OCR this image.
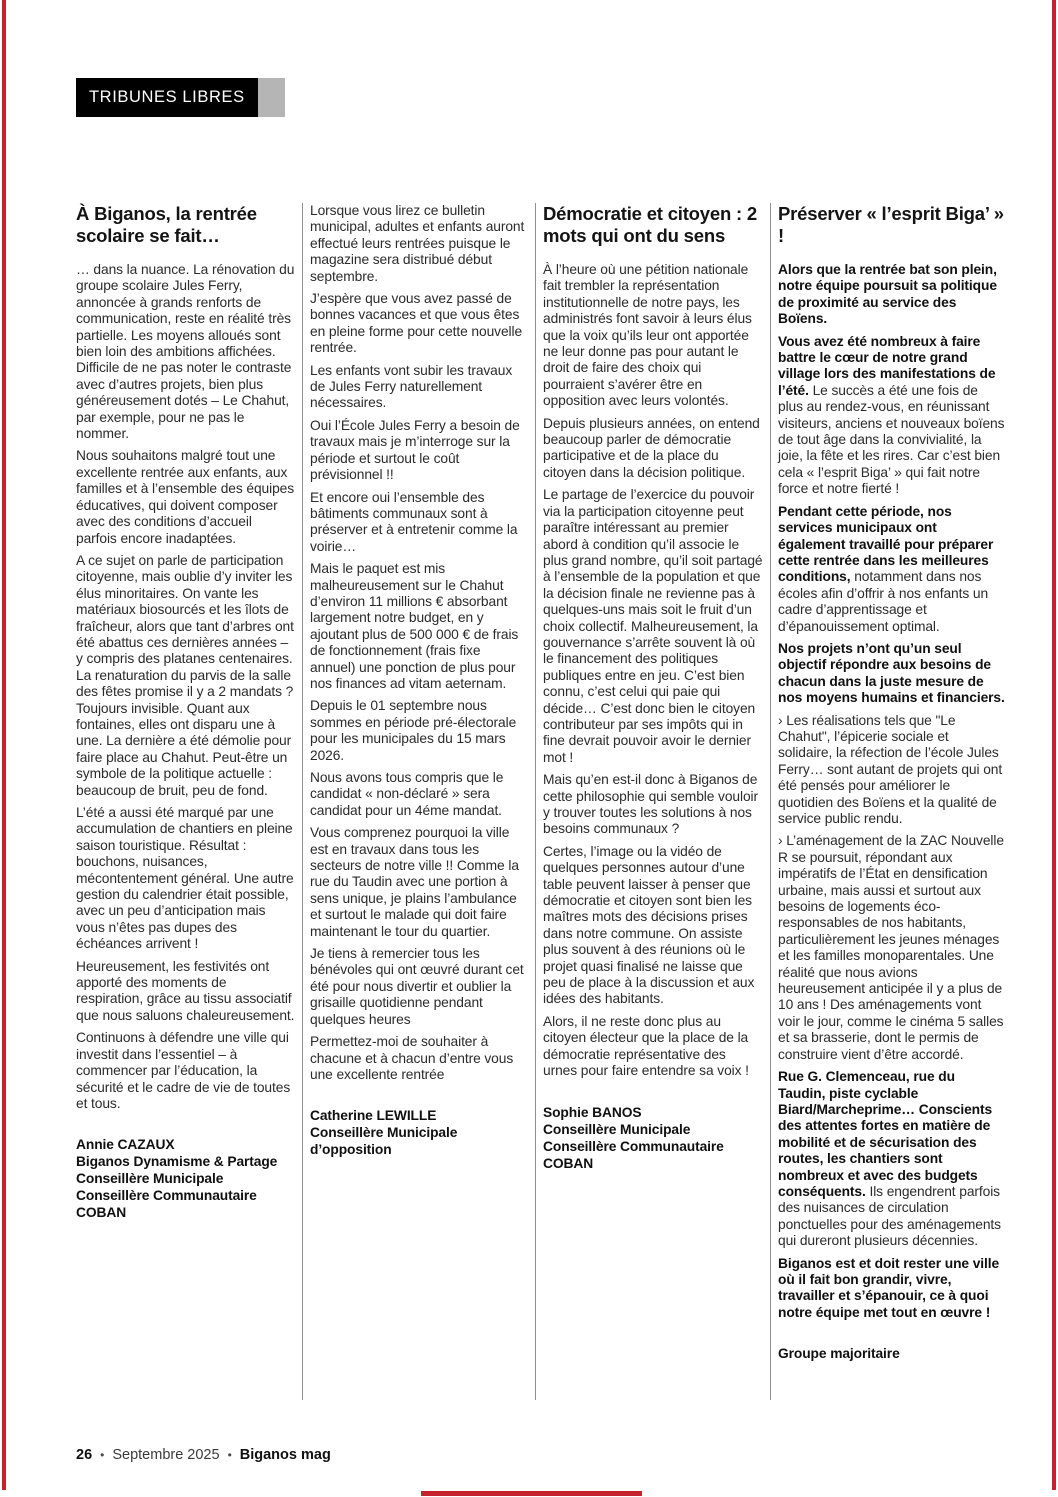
TRIBUNES LIBRES
À Biganos, la rentrée scolaire se fait…

… dans la nuance. La rénovation du groupe scolaire Jules Ferry, annoncée à grands renforts de communication, reste en réalité très partielle. Les moyens alloués sont bien loin des ambitions affichées. Difficile de ne pas noter le contraste avec d’autres projets, bien plus généreusement dotés – Le Chahut, par exemple, pour ne pas le nommer.

Nous souhaitons malgré tout une excellente rentrée aux enfants, aux familles et à l’ensemble des équipes éducatives, qui doivent composer avec des conditions d’accueil parfois encore inadaptées.

A ce sujet on parle de participation citoyenne, mais oublie d’y inviter les élus minoritaires. On vante les matériaux biosourcés et les îlots de fraîcheur, alors que tant d’arbres ont été abattus ces dernières années – y compris des platanes centenaires. La renaturation du parvis de la salle des fêtes promise il y a 2 mandats ? Toujours invisible. Quant aux fontaines, elles ont disparu une à une. La dernière a été démolie pour faire place au Chahut. Peut-être un symbole de la politique actuelle : beaucoup de bruit, peu de fond.

L’été a aussi été marqué par une accumulation de chantiers en pleine saison touristique. Résultat : bouchons, nuisances, mécontentement général. Une autre gestion du calendrier était possible, avec un peu d’anticipation mais vous n’êtes pas dupes des échéances arrivent !

Heureusement, les festivités ont apporté des moments de respiration, grâce au tissu associatif que nous saluons chaleureusement.

Continuons à défendre une ville qui investit dans l’essentiel – à commencer par l’éducation, la sécurité et le cadre de vie de toutes et tous.

Annie CAZAUX
Biganos Dynamisme & Partage
Conseillère Municipale
Conseillère Communautaire
COBAN

Lorsque vous lirez ce bulletin municipal, adultes et enfants auront effectué leurs rentrées puisque le magazine sera distribué début septembre.

J’espère que vous avez passé de bonnes vacances et que vous êtes en pleine forme pour cette nouvelle rentrée.

Les enfants vont subir les travaux de Jules Ferry naturellement nécessaires.

Oui l’École Jules Ferry a besoin de travaux mais je m’interroge sur la période et surtout le coût prévisionnel !!

Et encore oui l’ensemble des bâtiments communaux sont à préserver et à entretenir comme la voirie…

Mais le paquet est mis malheureusement sur le Chahut d’environ 11 millions € absorbant largement notre budget, en y ajoutant plus de 500 000 € de frais de fonctionnement (frais fixe annuel) une ponction de plus pour nos finances ad vitam aeternam.

Depuis le 01 septembre nous sommes en période pré-électorale pour les municipales du 15 mars 2026.

Nous avons tous compris que le candidat « non-déclaré » sera candidat pour un 4éme mandat.

Vous comprenez pourquoi la ville est en travaux dans tous les secteurs de notre ville !! Comme la rue du Taudin avec une portion à sens unique, je plains l’ambulance et surtout le malade qui doit faire maintenant le tour du quartier.

Je tiens à remercier tous les bénévoles qui ont œuvré durant cet été pour nous divertir et oublier la grisaille quotidienne pendant quelques heures

Permettez-moi de souhaiter à chacune et à chacun d’entre vous une excellente rentrée

Catherine LEWILLE
Conseillère Municipale
d’opposition
Démocratie et citoyen : 2 mots qui ont du sens

À l’heure où une pétition nationale fait trembler la représentation institutionnelle de notre pays, les administrés font savoir à leurs élus que la voix qu’ils leur ont apportée ne leur donne pas pour autant le droit de faire des choix qui pourraient s’avérer être en opposition avec leurs volontés.

Depuis plusieurs années, on entend beaucoup parler de démocratie participative et de la place du citoyen dans la décision politique.

Le partage de l’exercice du pouvoir via la participation citoyenne peut paraître intéressant au premier abord à condition qu’il associe le plus grand nombre, qu’il soit partagé à l’ensemble de la population et que la décision finale ne revienne pas à quelques-uns mais soit le fruit d’un choix collectif. Malheureusement, la gouvernance s’arrête souvent là où le financement des politiques publiques entre en jeu. C’est bien connu, c’est celui qui paie qui décide… C’est donc bien le citoyen contributeur par ses impôts qui in fine devrait pouvoir avoir le dernier mot !

Mais qu’en est-il donc à Biganos de cette philosophie qui semble vouloir y trouver toutes les solutions à nos besoins communaux ?

Certes, l’image ou la vidéo de quelques personnes autour d’une table peuvent laisser à penser que démocratie et citoyen sont bien les maîtres mots des décisions prises dans notre commune. On assiste plus souvent à des réunions où le projet quasi finalisé ne laisse que peu de place à la discussion et aux idées des habitants.

Alors, il ne reste donc plus au citoyen électeur que la place de la démocratie représentative des urnes pour faire entendre sa voix !

Sophie BANOS
Conseillère Municipale
Conseillère Communautaire
COBAN
Préserver « l’esprit Biga’ » !

Alors que la rentrée bat son plein, notre équipe poursuit sa politique de proximité au service des Boïens.

Vous avez été nombreux à faire battre le cœur de notre grand village lors des manifestations de l’été. Le succès a été une fois de plus au rendez-vous, en réunissant visiteurs, anciens et nouveaux boïens de tout âge dans la convivialité, la joie, la fête et les rires. Car c’est bien cela « l’esprit Biga’ » qui fait notre force et notre fierté !

Pendant cette période, nos services municipaux ont également travaillé pour préparer cette rentrée dans les meilleures conditions, notamment dans nos écoles afin d’offrir à nos enfants un cadre d’apprentissage et d’épanouissement optimal.

Nos projets n’ont qu’un seul objectif répondre aux besoins de chacun dans la juste mesure de nos moyens humains et financiers.

› Les réalisations tels que "Le Chahut", l’épicerie sociale et solidaire, la réfection de l’école Jules Ferry… sont autant de projets qui ont été pensés pour améliorer le quotidien des Boïens et la qualité de service public rendu.

› L’aménagement de la ZAC Nouvelle R se poursuit, répondant aux impératifs de l’État en densification urbaine, mais aussi et surtout aux besoins de logements éco-responsables de nos habitants, particulièrement les jeunes ménages et les familles monoparentales. Une réalité que nous avions heureusement anticipée il y a plus de 10 ans ! Des aménagements vont voir le jour, comme le cinéma 5 salles et sa brasserie, dont le permis de construire vient d’être accordé.

Rue G. Clemenceau, rue du Taudin, piste cyclable Biard/Marcheprime… Conscients des attentes fortes en matière de mobilité et de sécurisation des routes, les chantiers sont nombreux et avec des budgets conséquents. Ils engendrent parfois des nuisances de circulation ponctuelles pour des aménagements qui dureront plusieurs décennies.

Biganos est et doit rester une ville où il fait bon grandir, vivre, travailler et s’épanouir, ce à quoi notre équipe met tout en œuvre !

Groupe majoritaire
26 • Septembre 2025 • Biganos mag
